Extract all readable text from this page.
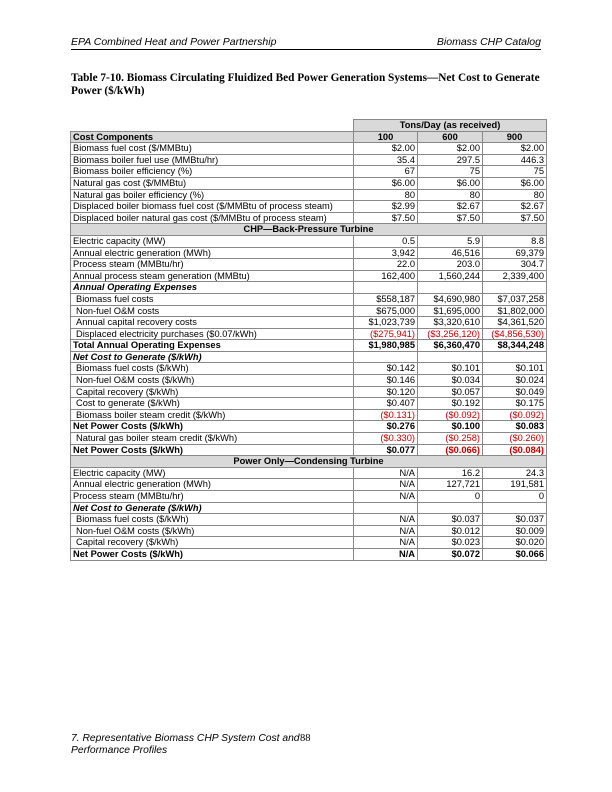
EPA Combined Heat and Power Partnership	Biomass CHP Catalog
Table 7-10. Biomass Circulating Fluidized Bed Power Generation Systems—Net Cost to Generate Power ($/kWh)

	Tons/Day (as received)		
Cost Components	100	600	900
Biomass fuel cost ($/MMBtu)	$2.00	$2.00	$2.00
Biomass boiler fuel use (MMBtu/hr)	35.4	297.5	446.3
Biomass boiler efficiency (%)	67	75	75
Natural gas cost ($/MMBtu)	$6.00	$6.00	$6.00
Natural gas boiler efficiency (%)	80	80	80
Displaced boiler biomass fuel cost ($/MMBtu of process steam)	$2.99	$2.67	$2.67
Displaced boiler natural gas cost ($/MMBtu of process steam)	$7.50	$7.50	$7.50
CHP—Back-Pressure Turbine			
Electric capacity (MW)	0.5	5.9	8.8
Annual electric generation (MWh)	3,942	46,516	69,379
Process steam (MMBtu/hr)	22.0	203.0	304.7
Annual process steam generation (MMBtu)	162,400	1,560,244	2,339,400
Annual Operating Expenses			
Biomass fuel costs	$558,187	$4,690,980	$7,037,258
Non-fuel O&M costs	$675,000	$1,695,000	$1,802,000
Annual capital recovery costs	$1,023,739	$3,320,610	$4,361,520
Displaced electricity purchases ($0.07/kWh)	($275,941)	($3,256,120)	($4,856,530)
Total Annual Operating Expenses	$1,980,985	$6,360,470	$8,344,248
Net Cost to Generate ($/kWh)			
Biomass fuel costs ($/kWh)	$0.142	$0.101	$0.101
Non-fuel O&M costs ($/kWh)	$0.146	$0.034	$0.024
Capital recovery ($/kWh)	$0.120	$0.057	$0.049
Cost to generate ($/kWh)	$0.407	$0.192	$0.175
Biomass boiler steam credit ($/kWh)	($0.131)	($0.092)	($0.092)
Net Power Costs ($/kWh)	$0.276	$0.100	$0.083
Natural gas boiler steam credit ($/kWh)	($0.330)	($0.258)	($0.260)
Net Power Costs ($/kWh)	$0.077	($0.066)	($0.084)
Power Only—Condensing Turbine			
Electric capacity (MW)	N/A	16.2	24.3
Annual electric generation (MWh)	N/A	127,721	191,581
Process steam (MMBtu/hr)	N/A	0	0
Net Cost to Generate ($/kWh)			
Biomass fuel costs ($/kWh)	N/A	$0.037	$0.037
Non-fuel O&M costs ($/kWh)	N/A	$0.012	$0.009
Capital recovery ($/kWh)	N/A	$0.023	$0.020
Net Power Costs ($/kWh)	N/A	$0.072	$0.066
7. Representative Biomass CHP System Cost and Performance Profiles
88
